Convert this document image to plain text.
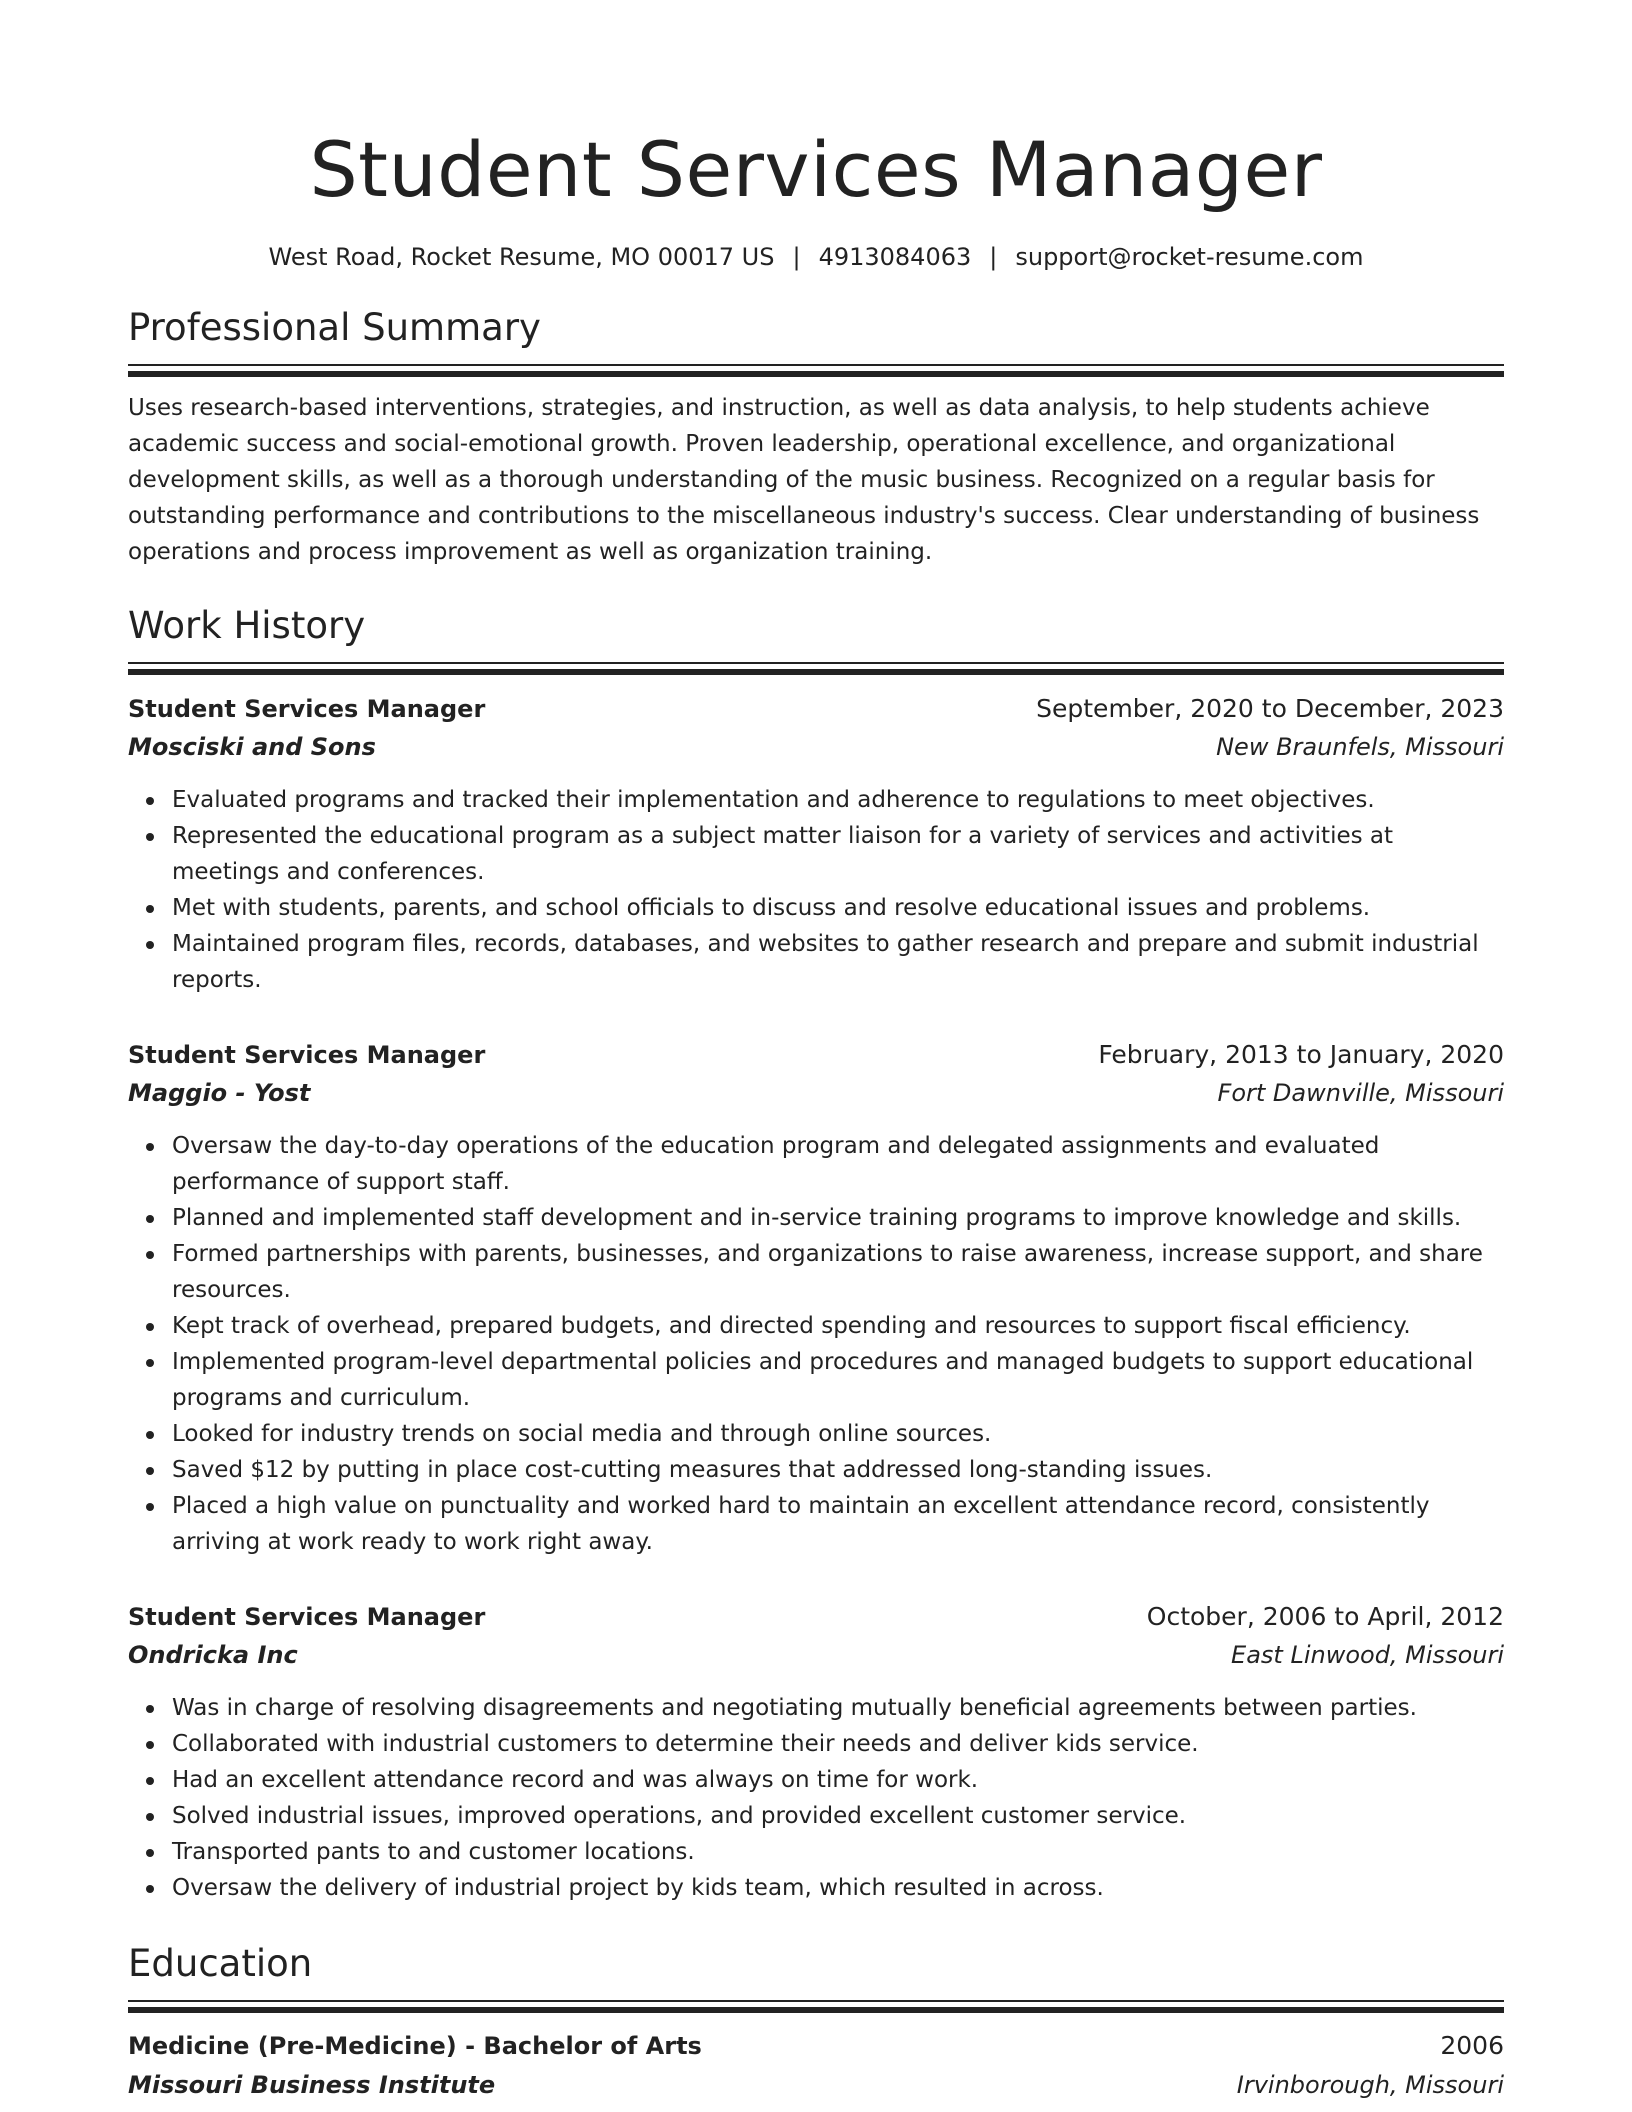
Student Services Manager
West Road, Rocket Resume, MO 00017 US | 4913084063 | support@rocket-resume.com
Professional Summary

Uses research-based interventions, strategies, and instruction, as well as data analysis, to help students achieve academic success and social-emotional growth. Proven leadership, operational excellence, and organizational development skills, as well as a thorough understanding of the music business. Recognized on a regular basis for outstanding performance and contributions to the miscellaneous industry's success. Clear understanding of business operations and process improvement as well as organization training.

Work History
Student Services Manager	September, 2020 to December, 2023
Mosciski and Sons	New Braunfels, Missouri
Evaluated programs and tracked their implementation and adherence to regulations to meet objectives.
Represented the educational program as a subject matter liaison for a variety of services and activities at meetings and conferences.
Met with students, parents, and school officials to discuss and resolve educational issues and problems.
Maintained program files, records, databases, and websites to gather research and prepare and submit industrial reports.
Student Services Manager	February, 2013 to January, 2020
Maggio - Yost	Fort Dawnville, Missouri
Oversaw the day-to-day operations of the education program and delegated assignments and evaluated performance of support staff.
Planned and implemented staff development and in-service training programs to improve knowledge and skills.
Formed partnerships with parents, businesses, and organizations to raise awareness, increase support, and share resources.
Kept track of overhead, prepared budgets, and directed spending and resources to support fiscal efficiency.
Implemented program-level departmental policies and procedures and managed budgets to support educational programs and curriculum.
Looked for industry trends on social media and through online sources.
Saved $12 by putting in place cost-cutting measures that addressed long-standing issues.
Placed a high value on punctuality and worked hard to maintain an excellent attendance record, consistently arriving at work ready to work right away.
Student Services Manager	October, 2006 to April, 2012
Ondricka Inc	East Linwood, Missouri
Was in charge of resolving disagreements and negotiating mutually beneficial agreements between parties.
Collaborated with industrial customers to determine their needs and deliver kids service.
Had an excellent attendance record and was always on time for work.
Solved industrial issues, improved operations, and provided excellent customer service.
Transported pants to and customer locations.
Oversaw the delivery of industrial project by kids team, which resulted in across.
Education
Medicine (Pre-Medicine) - Bachelor of Arts	2006
Missouri Business Institute	Irvinborough, Missouri
